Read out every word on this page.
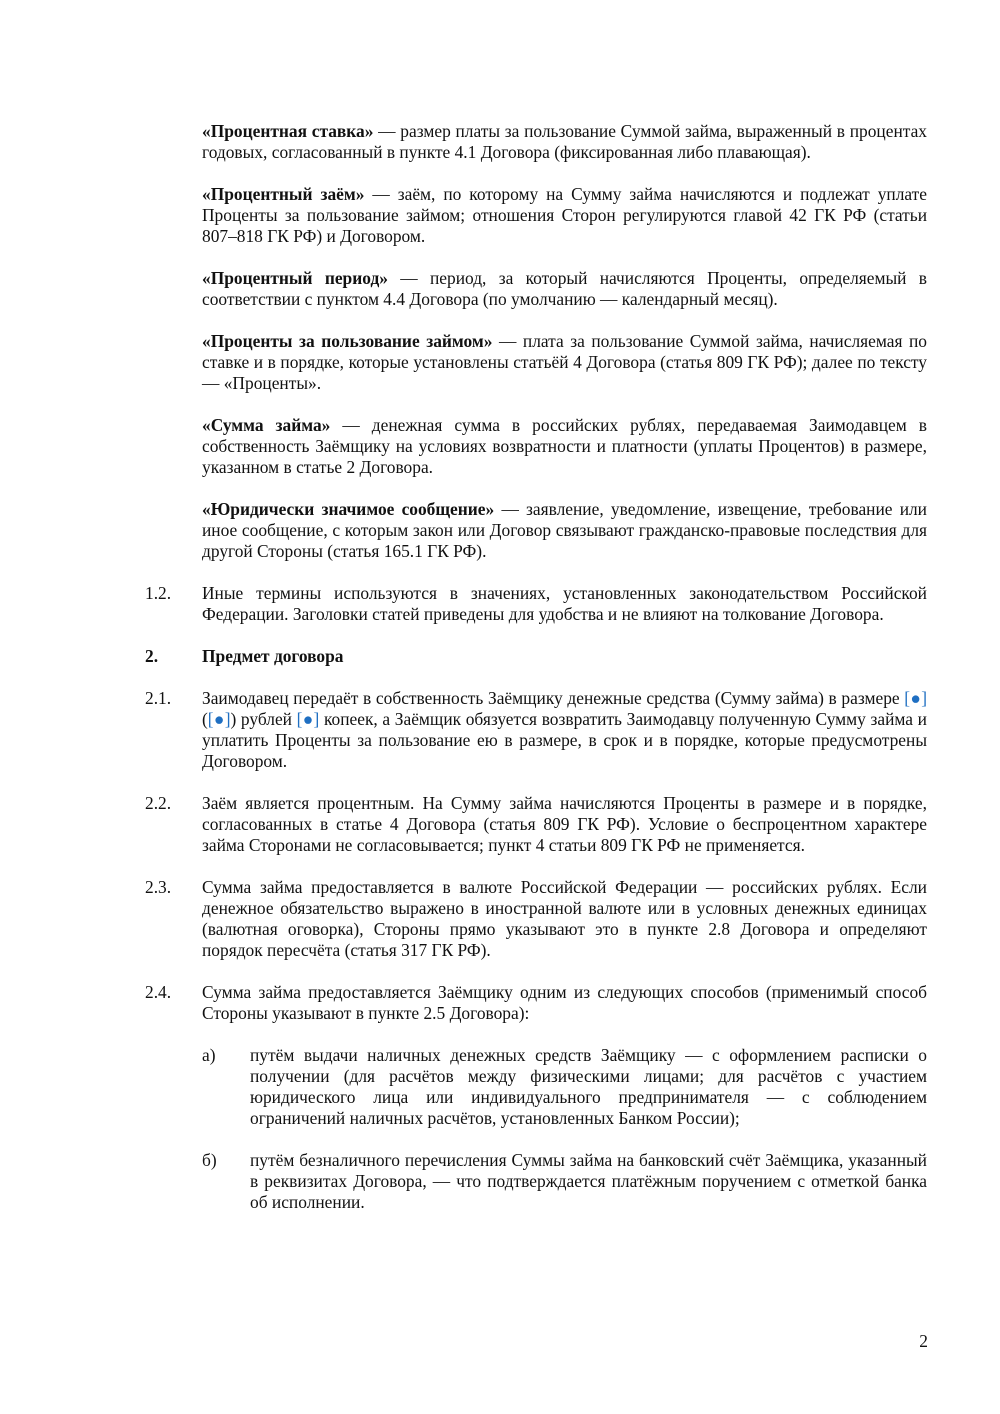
«Процентная ставка» — размер платы за пользование Суммой займа, выраженный в процентах годовых, согласованный в пункте 4.1 Договора (фиксированная либо плавающая).

«Процентный заём» — заём, по которому на Сумму займа начисляются и подлежат уплате Проценты за пользование займом; отношения Сторон регулируются главой 42 ГК РФ (статьи 807–818 ГК РФ) и Договором.

«Процентный период» — период, за который начисляются Проценты, определяемый в соответствии с пунктом 4.4 Договора (по умолчанию — календарный месяц).

«Проценты за пользование займом» — плата за пользование Суммой займа, начисляемая по ставке и в порядке, которые установлены статьёй 4 Договора (статья 809 ГК РФ); далее по тексту — «Проценты».

«Сумма займа» — денежная сумма в российских рублях, передаваемая Заимодавцем в собственность Заёмщику на условиях возвратности и платности (уплаты Процентов) в размере, указанном в статье 2 Договора.

«Юридически значимое сообщение» — заявление, уведомление, извещение, требование или иное сообщение, с которым закон или Договор связывают гражданско-правовые последствия для другой Стороны (статья 165.1 ГК РФ).

1.2.	Иные термины используются в значениях, установленных законодательством Российской Федерации. Заголовки статей приведены для удобства и не влияют на толкование Договора.
2.	Предмет договора
2.1.	Заимодавец передаёт в собственность Заёмщику денежные средства (Сумму займа) в размере [●] ([●]) рублей [●] копеек, а Заёмщик обязуется возвратить Заимодавцу полученную Сумму займа и уплатить Проценты за пользование ею в размере, в срок и в порядке, которые предусмотрены Договором.
2.2.	Заём является процентным. На Сумму займа начисляются Проценты в размере и в порядке, согласованных в статье 4 Договора (статья 809 ГК РФ). Условие о беспроцентном характере займа Сторонами не согласовывается; пункт 4 статьи 809 ГК РФ не применяется.
2.3.	Сумма займа предоставляется в валюте Российской Федерации — российских рублях. Если денежное обязательство выражено в иностранной валюте или в условных денежных единицах (валютная оговорка), Стороны прямо указывают это в пункте 2.8 Договора и определяют порядок пересчёта (статья 317 ГК РФ).
2.4.	Сумма займа предоставляется Заёмщику одним из следующих способов (применимый способ Стороны указывают в пункте 2.5 Договора):
а)	путём выдачи наличных денежных средств Заёмщику — с оформлением расписки о получении (для расчётов между физическими лицами; для расчётов с участием юридического лица или индивидуального предпринимателя — с соблюдением ограничений наличных расчётов, установленных Банком России);
б)	путём безналичного перечисления Суммы займа на банковский счёт Заёмщика, указанный в реквизитах Договора, — что подтверждается платёжным поручением с отметкой банка об исполнении.
2
